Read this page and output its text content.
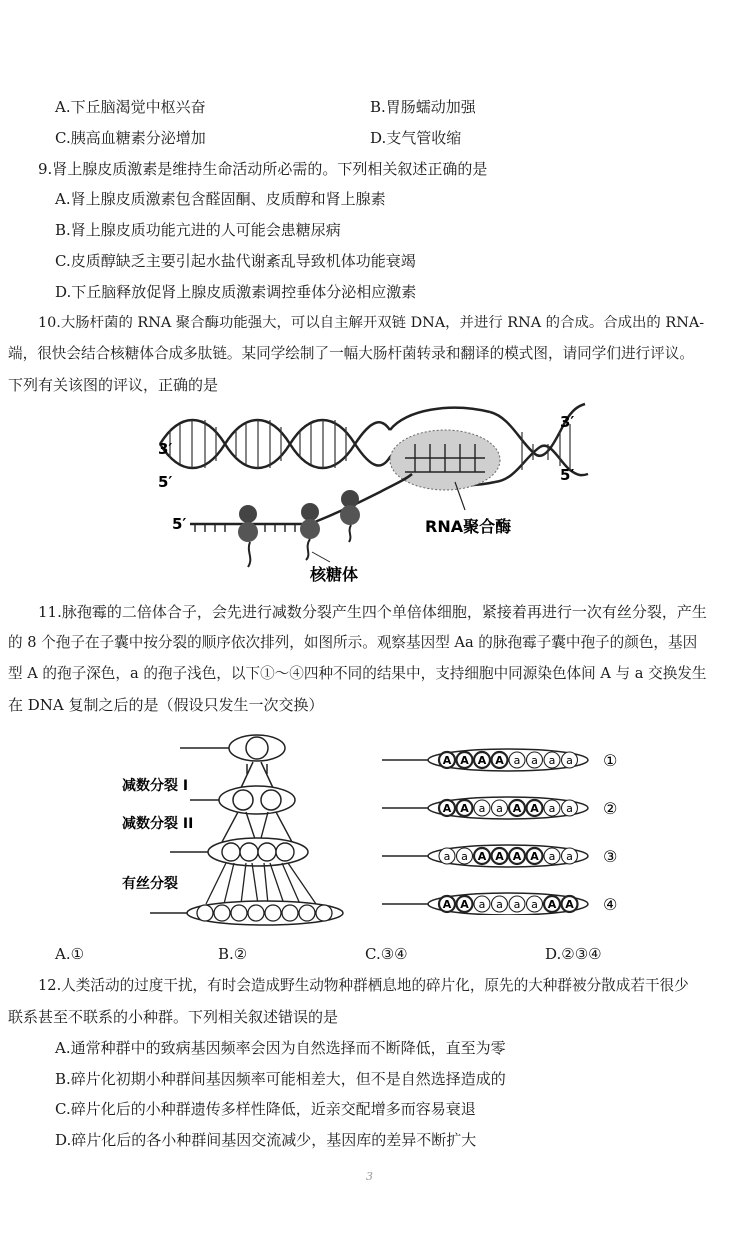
A.下丘脑渴觉中枢兴奋	B.胃肠蠕动加强
C.胰高血糖素分泌增加	D.支气管收缩
9.肾上腺皮质激素是维持生命活动所必需的。下列相关叙述正确的是
A.肾上腺皮质激素包含醛固酮、皮质醇和肾上腺素
B.肾上腺皮质功能亢进的人可能会患糖尿病
C.皮质醇缺乏主要引起水盐代谢紊乱导致机体功能衰竭
D.下丘脑释放促肾上腺皮质激素调控垂体分泌相应激素
10.大肠杆菌的 RNA 聚合酶功能强大，可以自主解开双链 DNA，并进行 RNA 的合成。合成出的 RNA-
端，很快会结合核糖体合成多肽链。某同学绘制了一幅大肠杆菌转录和翻译的模式图，请同学们进行评议。
下列有关该图的评议，正确的是
3′
5′
3′
5′
5′	RNA聚合酶
核糖体
11.脉孢霉的二倍体合子，会先进行减数分裂产生四个单倍体细胞，紧接着再进行一次有丝分裂，产生
的 8 个孢子在子囊中按分裂的顺序依次排列，如图所示。观察基因型 Aa 的脉孢霉子囊中孢子的颜色，基因
型 A 的孢子深色，a 的孢子浅色，以下①～④四种不同的结果中，支持细胞中同源染色体间 A 与 a 交换发生
在 DNA 复制之后的是（假设只发生一次交换）
减数分裂 I
减数分裂 II
有丝分裂
A A A A a a a a ①
A A a a A A a a ②
a a A A A A a a ③
A A a a a a A A ④
A.①	B.②	C.③④	D.②③④
12.人类活动的过度干扰，有时会造成野生动物种群栖息地的碎片化，原先的大种群被分散成若干很少
联系甚至不联系的小种群。下列相关叙述错误的是
A.通常种群中的致病基因频率会因为自然选择而不断降低，直至为零
B.碎片化初期小种群间基因频率可能相差大，但不是自然选择造成的
C.碎片化后的小种群遗传多样性降低，近亲交配增多而容易衰退
D.碎片化后的各小种群间基因交流减少，基因库的差异不断扩大
3
